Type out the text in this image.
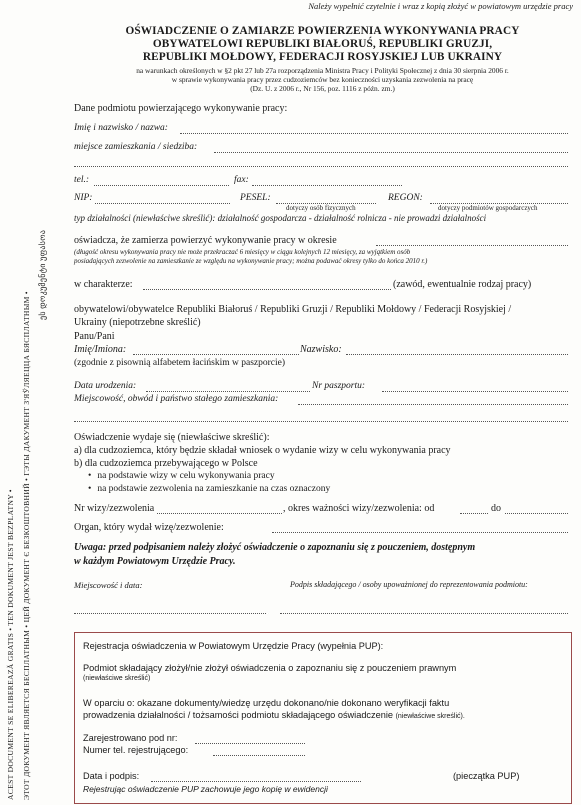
ACEST DOCUMENT SE ELIBEREAZĂ GRATIS • TEN DOKUMENT JEST BEZPLATNY • ЭТОТ ДОКУМЕНТ ЯВЛЯЕТСЯ БЕСПЛАТНЫМ • ЦЕЙ ДОКУМЕНТ Є БЕЗКОШТОВНИЙ • ГЭТЫ ДАКУМЕНТ З'ЯЎЛЯЕЦЦА БЯСПЛАТНЫМ •
ეს დოკუმენტი უფასოა
Należy wypełnić czytelnie i wraz z kopią złożyć w powiatowym urzędzie pracy
OŚWIADCZENIE O ZAMIARZE POWIERZENIA WYKONYWANIA PRACY
OBYWATELOWI REPUBLIKI BIAŁORUŚ, REPUBLIKI GRUZJI,
REPUBLIKI MOŁDOWY, FEDERACJI ROSYJSKIEJ LUB UKRAINY
na warunkach określonych w §2 pkt 27 lub 27a rozporządzenia Ministra Pracy i Polityki Społecznej z dnia 30 sierpnia 2006 r.
w sprawie wykonywania pracy przez cudzoziemców bez konieczności uzyskania zezwolenia na pracę
(Dz. U. z 2006 r., Nr 156, poz. 1116 z późn. zm.)
Dane podmiotu powierzającego wykonywanie pracy:
Imię i nazwisko / nazwa:
miejsce zamieszkania / siedziba:
tel.:	fax:
NIP:	PESEL:	REGON:
dotyczy osób fizycznych	dotyczy podmiotów gospodarczych
typ działalności (niewłaściwe skreślić): działalność gospodarcza - działalność rolnicza - nie prowadzi działalności
oświadcza, że zamierza powierzyć wykonywanie pracy w okresie
(długość okresu wykonywania pracy nie może przekraczać 6 miesięcy w ciągu kolejnych 12 miesięcy, za wyjątkiem osób
posiadających zezwolenie na zamieszkanie ze względu na wykonywanie pracy; można podawać okresy tylko do końca 2010 r.)
w charakterze:	(zawód, ewentualnie rodzaj pracy)
obywatelowi/obywatelce Republiki Białoruś / Republiki Gruzji / Republiki Mołdowy / Federacji Rosyjskiej /
Ukrainy (niepotrzebne skreślić)
Panu/Pani
Imię/Imiona:	Nazwisko:
(zgodnie z pisownią alfabetem łacińskim w paszporcie)
Data urodzenia:	Nr paszportu:
Miejscowość, obwód i państwo stałego zamieszkania:
Oświadczenie wydaje się (niewłaściwe skreślić):
a) dla cudzoziemca, który będzie składał wniosek o wydanie wizy w celu wykonywania pracy
b) dla cudzoziemca przebywającego w Polsce
• na podstawie wizy w celu wykonywania pracy
• na podstawie zezwolenia na zamieszkanie na czas oznaczony
Nr wizy/zezwolenia	, okres ważności wizy/zezwolenia: od	do
Organ, który wydał wizę/zezwolenie:
Uwaga: przed podpisaniem należy złożyć oświadczenie o zapoznaniu się z pouczeniem, dostępnym
w każdym Powiatowym Urzędzie Pracy.
Miejscowość i data:	Podpis składającego / osoby upoważnionej do reprezentowania podmiotu:
Rejestracja oświadczenia w Powiatowym Urzędzie Pracy (wypełnia PUP):
Podmiot składający złożył/nie złożył oświadczenia o zapoznaniu się z pouczeniem prawnym
(niewłaściwe skreślić)
W oparciu o: okazane dokumenty/wiedzę urzędu dokonano/nie dokonano weryfikacji faktu
prowadzenia działalności / tożsamości podmiotu składającego oświadczenie (niewłaściwe skreślić).
Zarejestrowano pod nr:
Numer tel. rejestrującego:
Data i podpis:	(pieczątka PUP)
Rejestrując oświadczenie PUP zachowuje jego kopię w ewidencji
